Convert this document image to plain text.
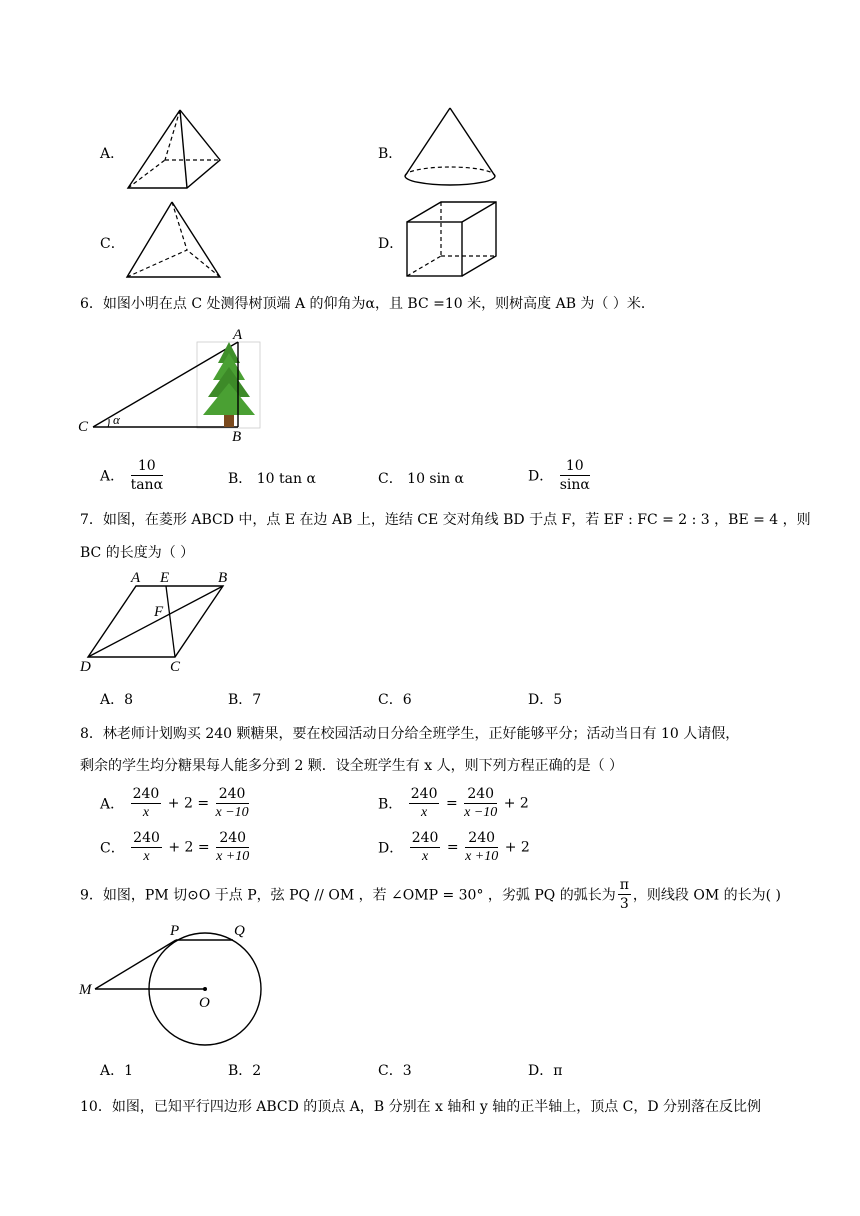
A．	B．
C．	D．
6．如图小明在点 C 处测得树顶端 A 的仰角为α，且 BC =10 米，则树高度 AB 为（ ）米．
A
B
C α
A． $\frac{10}{\tan\alpha}$	B． 10 tan α	C． 10 sin α	D． $\frac{10}{\sin\alpha}$
7．如图，在菱形 ABCD 中，点 E 在边 AB 上，连结 CE 交对角线 BD 于点 F，若 EF : FC = 2 : 3 ，BE = 4 ，则
BC 的长度为（ ）
A E	B
F
D	C
A．8	B．7	C．6	D．5
8．林老师计划购买 240 颗糖果，要在校园活动日分给全班学生，正好能够平分；活动当日有 10 人请假，
剩余的学生均分糖果每人能多分到 2 颗．设全班学生有 x 人，则下列方程正确的是（ ）
A． $\frac{240}{x} + 2 = \frac{240}{x -10}$	B． $\frac{240}{x} = \frac{240}{x -10} + 2$
C． $\frac{240}{x} + 2 = \frac{240}{x +10}$	D． $\frac{240}{x} = \frac{240}{x +10} + 2$
9．如图，PM 切⊙O 于点 P，弦 PQ // OM ，若 ∠OMP = 30° ，劣弧 PQ 的弧长为 $\frac{\pi}{3}$ ，则线段 OM 的长为( )
P	Q
M
O
A．1	B．2	C．3	D．π
10．如图，已知平行四边形 ABCD 的顶点 A，B 分别在 x 轴和 y 轴的正半轴上，顶点 C，D 分别落在反比例
